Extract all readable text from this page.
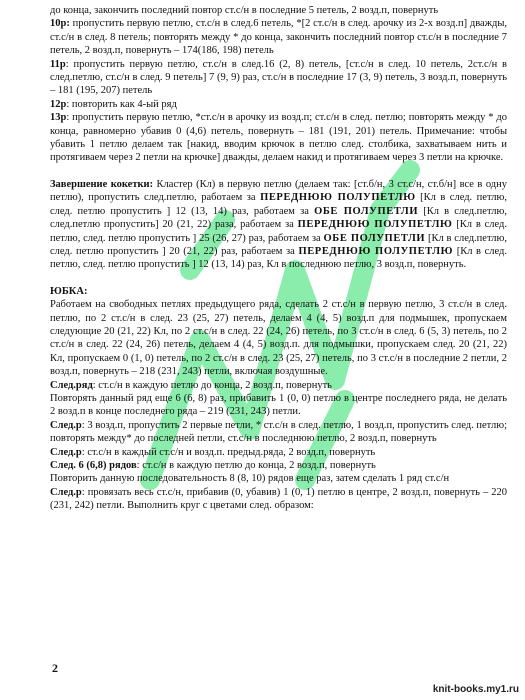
до конца, закончить последний повтор ст.с/н в последние 5 петель, 2 возд.п, повернуть

10р: пропустить первую петлю, ст.с/н в след.6 петель, *[2 ст.с/н в след. арочку из 2-х возд.п] дважды, ст.с/н в след. 8 петель; повторять между * до конца, закончить последний повтор ст.с/н в последние 7 петель, 2 возд.п, повернуть – 174(186, 198) петель

11р: пропустить первую петлю, ст.с/н в след.16 (2, 8) петель, [ст.с/н в след. 10 петель, 2ст.с/н в след.петлю, ст.с/н в след. 9 петель] 7 (9, 9) раз, ст.с/н в последние 17 (3, 9) петель, 3 возд.п, повернуть – 181 (195, 207) петель

12р: повторить как 4-ый ряд

13р: пропустить первую петлю, *ст.с/н в арочку из возд.п; ст.с/н в след. петлю; повторять между * до конца, равномерно убавив 0 (4,6) петель, повернуть – 181 (191, 201) петель. Примечание: чтобы убавить 1 петлю делаем так [накид, вводим крючок в петлю след. столбика, захватываем нить и протягиваем через 2 петли на крючке] дважды, делаем накид и протягиваем через 3 петли на крючке.

Завершение кокетки: Кластер (Кл) в первую петлю (делаем так: [ст.б/н, 3 ст.с/н, ст.б/н] все в одну петлю), пропустить след.петлю, работаем за ПЕРЕДНЮЮ ПОЛУПЕТЛЮ [Кл в след. петлю, след. петлю пропустить ] 12 (13, 14) раз, работаем за ОБЕ ПОЛУПЕТЛИ [Кл в след.петлю, след.петлю пропустить] 20 (21, 22) раза, работаем за ПЕРЕДНЮЮ ПОЛУПЕТЛЮ [Кл в след. петлю, след. петлю пропустить ] 25 (26, 27) раз, работаем за ОБЕ ПОЛУПЕТЛИ [Кл в след.петлю, след. петлю пропустить ] 20 (21, 22) раз, работаем за ПЕРЕДНЮЮ ПОЛУПЕТЛЮ [Кл в след. петлю, след. петлю пропустить ] 12 (13, 14) раз, Кл в последнюю петлю, 3 возд.п, повернуть.

ЮБКА:

Работаем на свободных петлях предыдущего ряда, сделать 2 ст.с/н в первую петлю, 3 ст.с/н в след. петлю, по 2 ст.с/н в след. 23 (25, 27) петель, делаем 4 (4, 5) возд.п для подмышек, пропускаем следующие 20 (21, 22) Кл, по 2 ст.с/н в след. 22 (24, 26) петель, по 3 ст.с/н в след. 6 (5, 3) петель, по 2 ст.с/н в след. 22 (24, 26) петель, делаем 4 (4, 5) возд.п. для подмышки, пропускаем след. 20 (21, 22) Кл, пропускаем 0 (1, 0) петель, по 2 ст.с/н в след. 23 (25, 27) петель, по 3 ст.с/н в последние 2 петли, 2 возд.п, повернуть – 218 (231, 243) петли, включая воздушные.

След.ряд: ст.с/н в каждую петлю до конца, 2 возд.п, повернуть

Повторять данный ряд еще 6 (6, 8) раз, прибавить 1 (0, 0) петлю в центре последнего ряда, не делать 2 возд.п в конце последнего ряда – 219 (231, 243) петли.

След.р: 3 возд.п, пропустить 2 первые петли, * ст.с/н в след. петлю, 1 возд.п, пропустить след. петлю; повторять между* до последней петли, ст.с/н в последнюю петлю, 2 возд.п, повернуть

След.р: ст.с/н в каждый ст.с/н и возд.п. предыд.ряда, 2 возд.п, повернуть

След. 6 (6,8) рядов: ст.с/н в каждую петлю до конца, 2 возд.п, повернуть

Повторить данную последовательность 8 (8, 10) рядов еще раз, затем сделать 1 ряд ст.с/н

След.р: провязать весь ст.с/н, прибавив (0, убавив) 1 (0, 1) петлю в центре, 2 возд.п, повернуть – 220 (231, 242) петли. Выполнить круг с цветами след. образом:

2
knit-books.my1.ru
